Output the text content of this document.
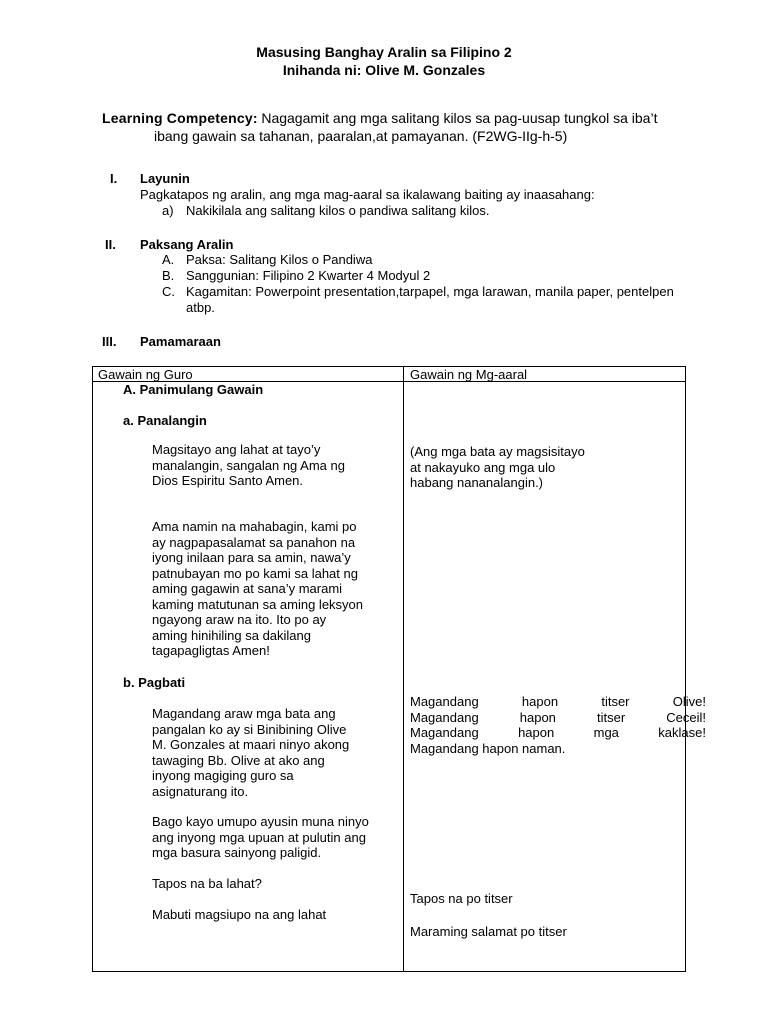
Masusing Banghay Aralin sa Filipino 2
Inihanda ni: Olive M. Gonzales
Learning Competency: Nagagamit ang mga salitang kilos sa pag-uusap tungkol sa iba’t
ibang gawain sa tahanan, paaralan,at pamayanan. (F2WG-IIg-h-5)
I. Layunin
Pagkatapos ng aralin, ang mga mag-aaral sa ikalawang baiting ay inaasahang:
a) Nakikilala ang salitang kilos o pandiwa salitang kilos.
II. Paksang Aralin
A. Paksa: Salitang Kilos o Pandiwa
B. Sanggunian: Filipino 2 Kwarter 4 Modyul 2
C. Kagamitan: Powerpoint presentation,tarpapel, mga larawan, manila paper, pentelpen
atbp.
III. Pamamaraan
Gawain ng Guro	Gawain ng Mg-aaral
A. Panimulang Gawain
a. Panalangin
Magsitayo ang lahat at tayo’y
manalangin, sangalan ng Ama ng
Dios Espiritu Santo Amen.
Ama namin na mahabagin, kami po
ay nagpapasalamat sa panahon na
iyong inilaan para sa amin, nawa’y
patnubayan mo po kami sa lahat ng
aming gagawin at sana’y marami
kaming matutunan sa aming leksyon
ngayong araw na ito. Ito po ay
aming hinihiling sa dakilang
tagapagligtas Amen!
b. Pagbati
Magandang araw mga bata ang
pangalan ko ay si Binibining Olive
M. Gonzales at maari ninyo akong
tawaging Bb. Olive at ako ang
inyong magiging guro sa
asignaturang ito.
Bago kayo umupo ayusin muna ninyo
ang inyong mga upuan at pulutin ang
mga basura sainyong paligid.
Tapos na ba lahat?
Mabuti magsiupo na ang lahat
(Ang mga bata ay magsisitayo
at nakayuko ang mga ulo
habang nananalangin.)
Magandang hapon titser Olive!
Magandang hapon titser Ceceil!
Magandang hapon mga kaklase!
Magandang hapon naman.
Tapos na po titser
Maraming salamat po titser
